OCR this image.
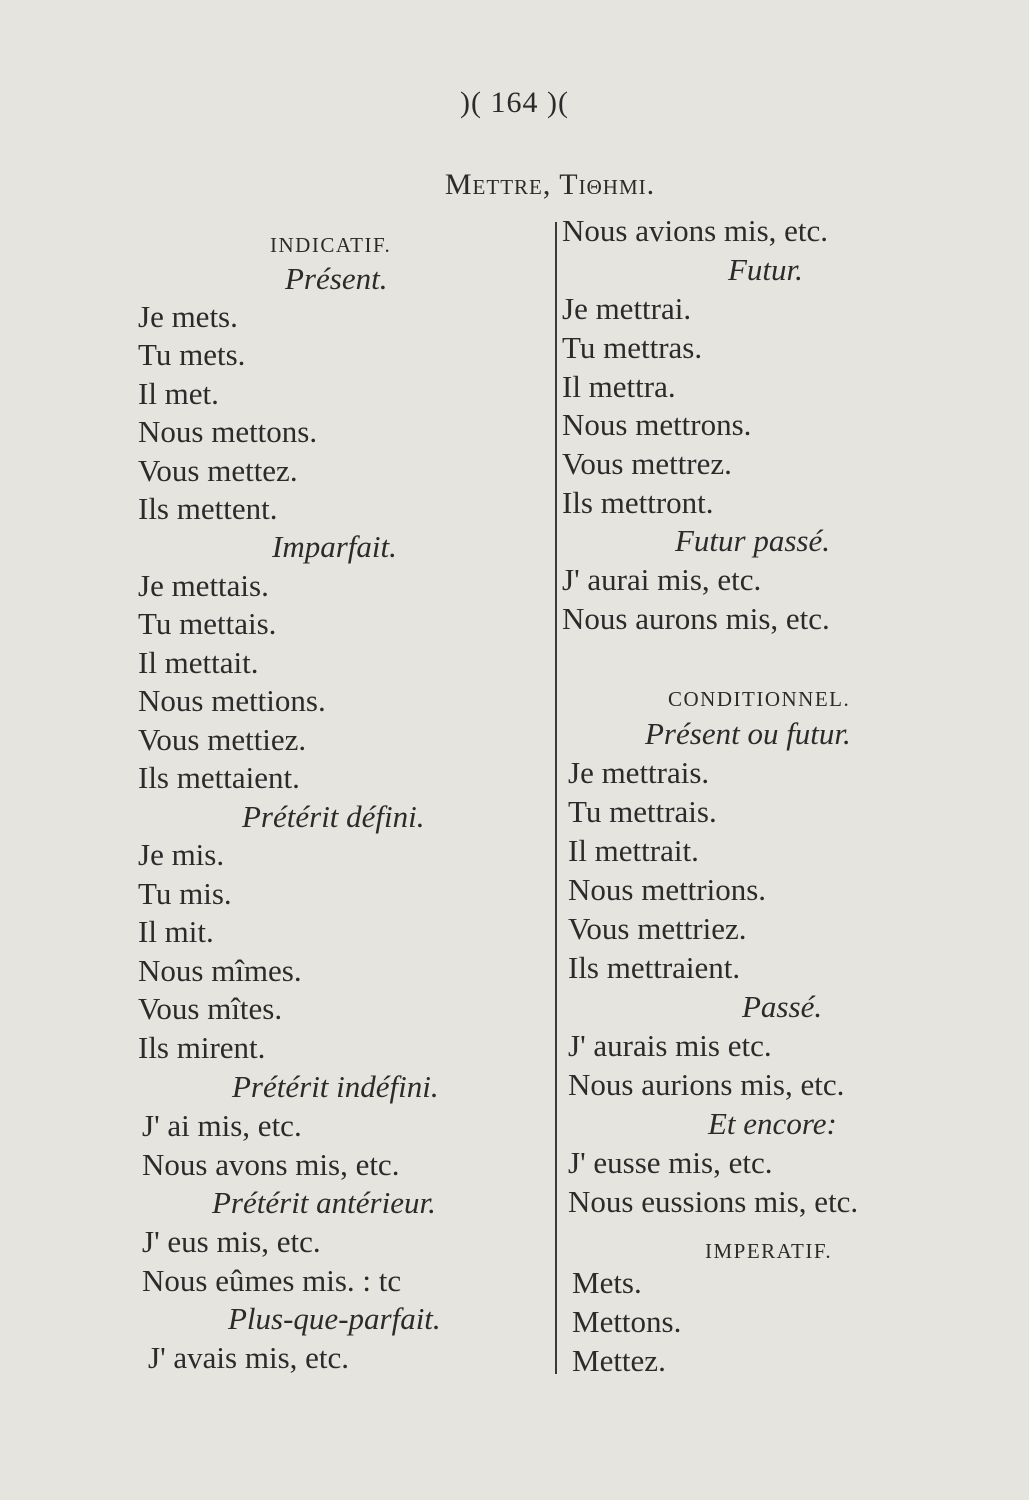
)( 164 )(
Mettre, Tiθhmi.
INDICATIF.
Présent.
Je mets.
Tu mets.
Il met.
Nous mettons.
Vous mettez.
Ils mettent.
Imparfait.
Je mettais.
Tu mettais.
Il mettait.
Nous mettions.
Vous mettiez.
Ils mettaient.
Prétérit défini.
Je mis.
Tu mis.
Il mit.
Nous mîmes.
Vous mîtes.
Ils mirent.
Prétérit indéfini.
J' ai mis, etc.
Nous avons mis, etc.
Prétérit antérieur.
J' eus mis, etc.
Nous eûmes mis. : tc
Plus-que-parfait.
J' avais mis, etc.
Nous avions mis, etc.
Futur.
Je mettrai.
Tu mettras.
Il mettra.
Nous mettrons.
Vous mettrez.
Ils mettront.
Futur passé.
J' aurai mis, etc.
Nous aurons mis, etc.
CONDITIONNEL.
Présent ou futur.
Je mettrais.
Tu mettrais.
Il mettrait.
Nous mettrions.
Vous mettriez.
Ils mettraient.
Passé.
J' aurais mis etc.
Nous aurions mis, etc.
Et encore:
J' eusse mis, etc.
Nous eussions mis, etc.
IMPERATIF.
Mets.
Mettons.
Mettez.
